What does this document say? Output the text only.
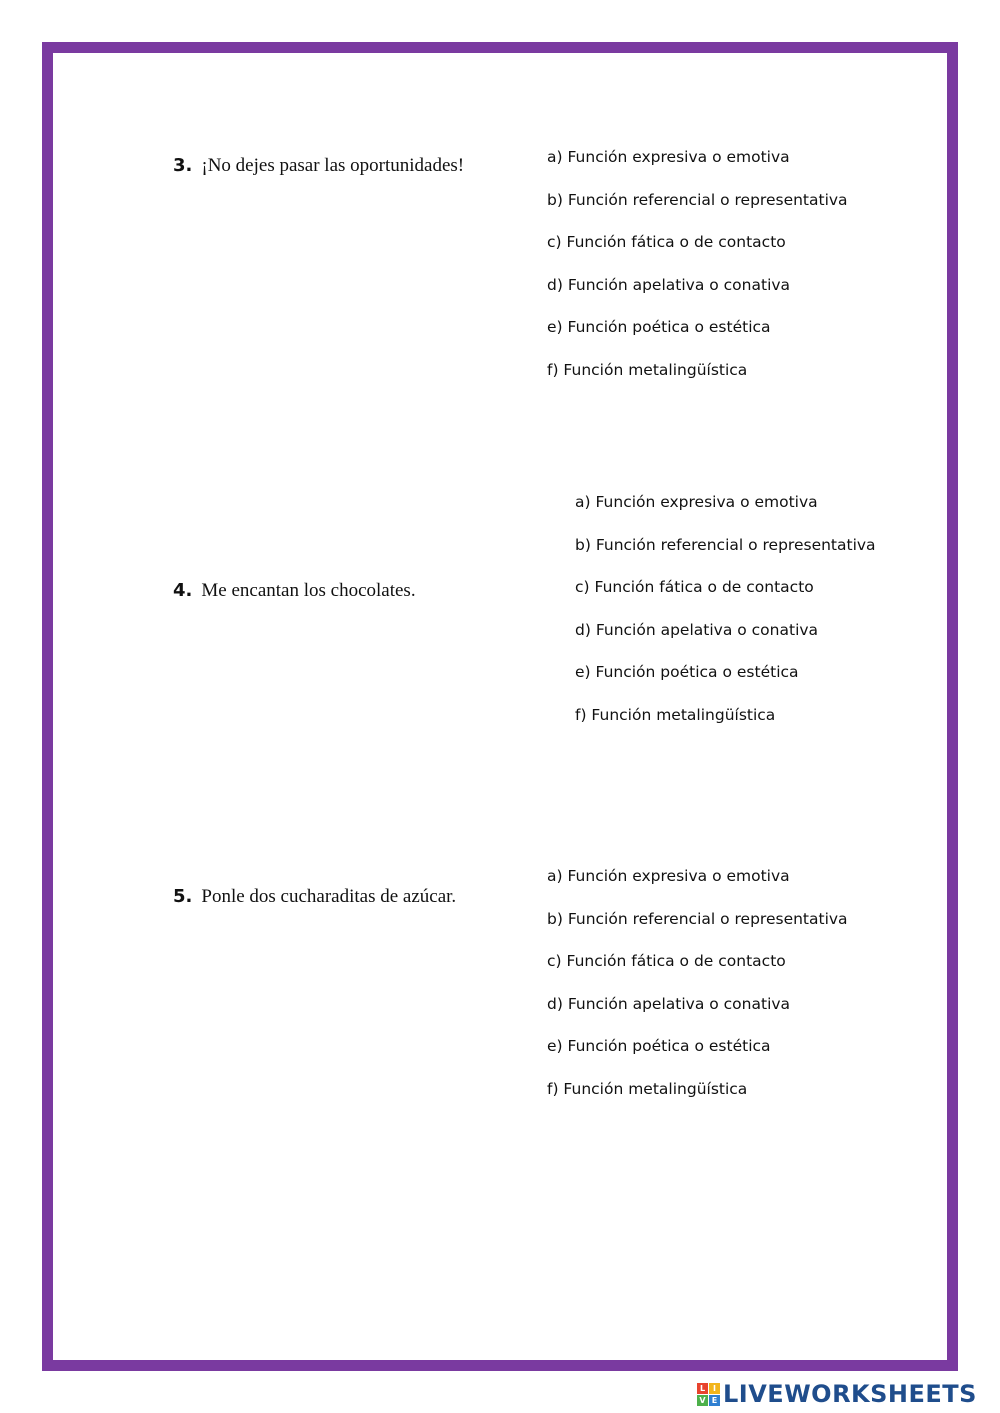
3. ¡No dejes pasar las oportunidades!	a) Función expresiva o emotiva
b) Función referencial o representativa
c) Función fática o de contacto
d) Función apelativa o conativa
e) Función poética o estética
f) Función metalingüística
4. Me encantan los chocolates.
a) Función expresiva o emotiva
b) Función referencial o representativa
c) Función fática o de contacto
d) Función apelativa o conativa
e) Función poética o estética
f) Función metalingüística
5. Ponle dos cucharaditas de azúcar.
a) Función expresiva o emotiva
b) Función referencial o representativa
c) Función fática o de contacto
d) Función apelativa o conativa
e) Función poética o estética
f) Función metalingüística
L I
V E LIVEWORKSHEETS
